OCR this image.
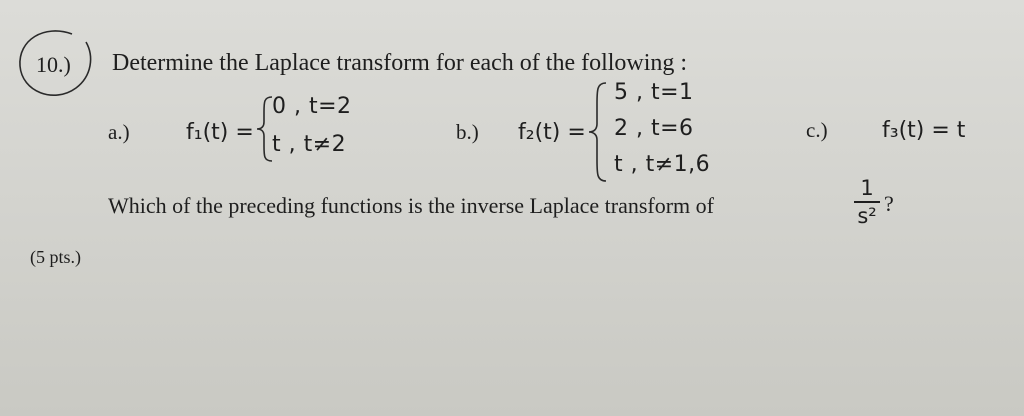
10.) Determine the Laplace transform for each of the following :
a.)	f₁(t) =
0 , t=2
t , t≠2	b.) f₂(t) =
5 , t=1
2 , t=6
t , t≠1,6
c.) f₃(t) = t
Which of the preceding functions is the inverse Laplace transform of
1
s² ?
(5 pts.)
